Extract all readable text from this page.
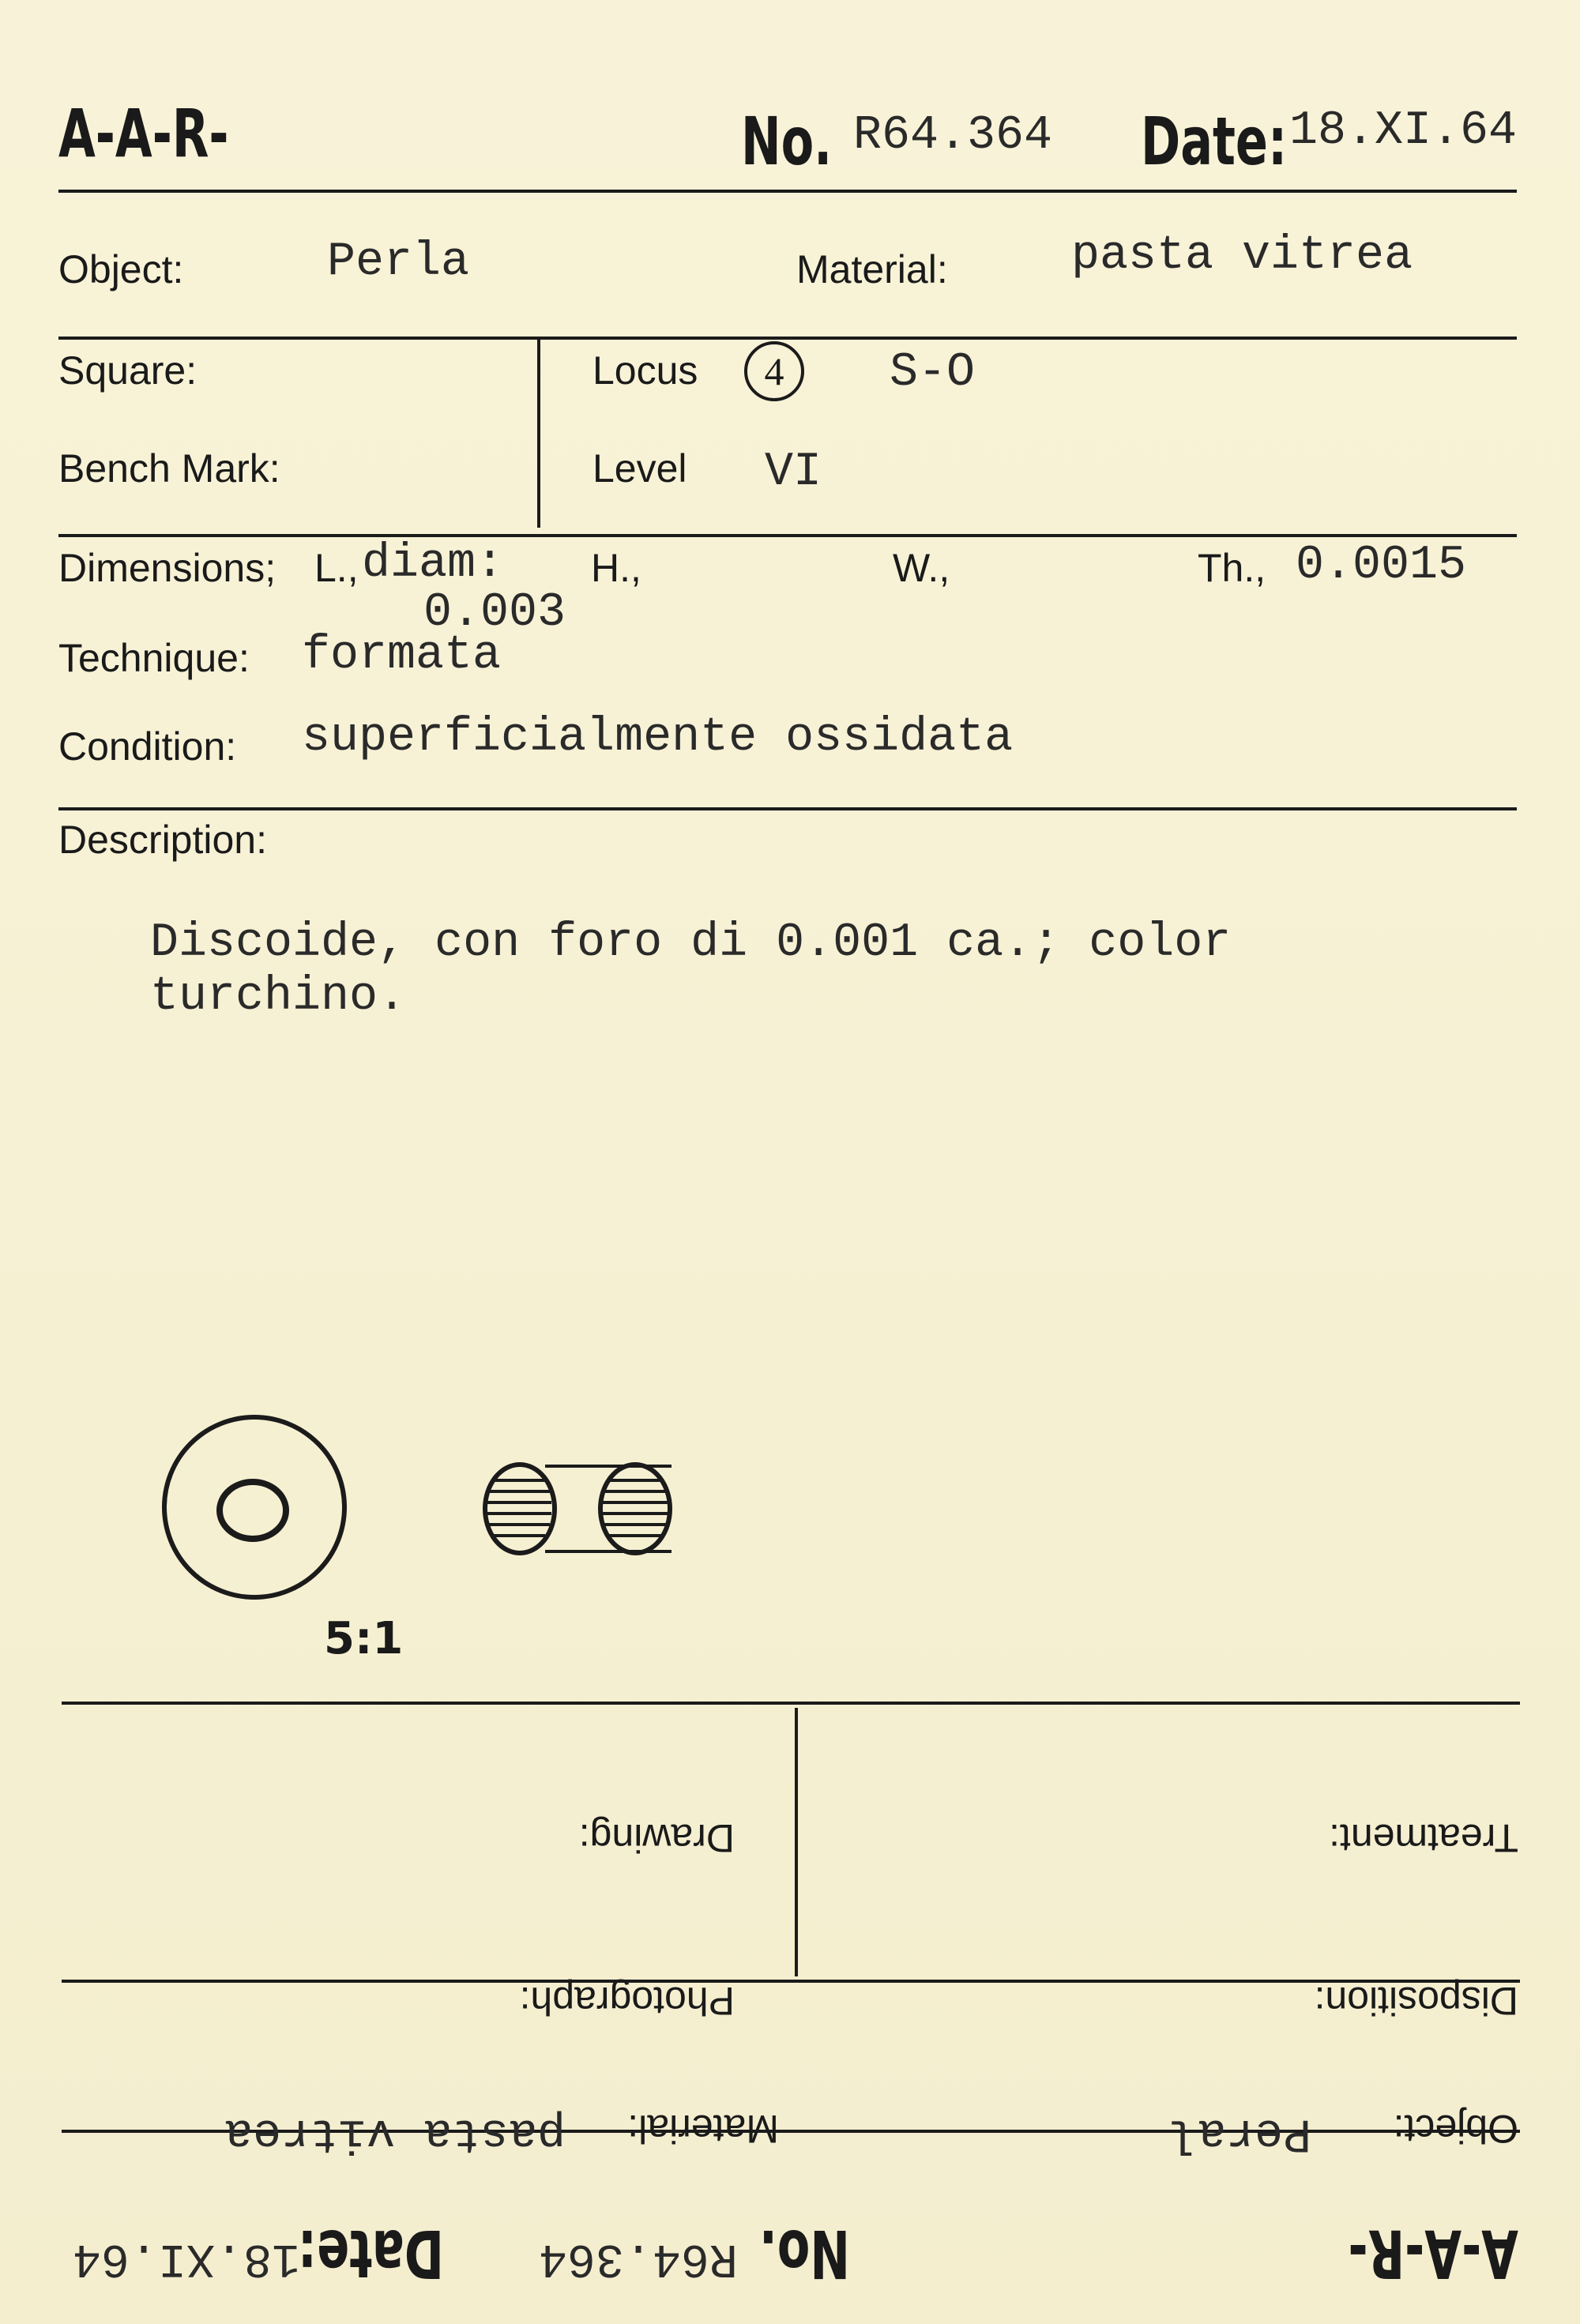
A-A-R-	No. R64.364 Date: 18.XI.64
Object:	Perla	Material:	pasta vitrea
Square:
Bench Mark:
Locus	4	S-O
Level VI
Dimensions; L., diam:
0.003
H.,	W.,	Th., 0.0015
Technique: formata
Condition: superficialmente ossidata
Description:
Discoide, con foro di 0.001 ca.; color
turchino.
5:1
Treatment:
Drawing:
Disposition:
Photograph:
Object:
Peral
Material:
pasta vitrea
A-A-R-
No.
R64.364
Date:
18.XI.64
